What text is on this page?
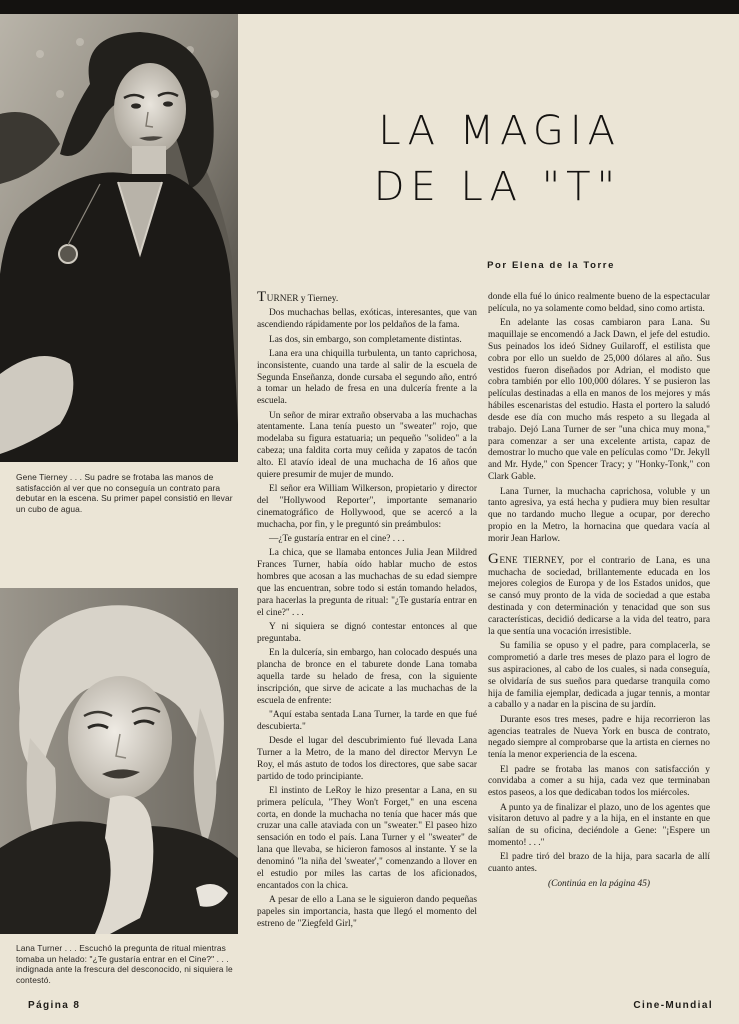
Gene Tierney . . . Su padre se frotaba las manos de satisfacción al ver que no conseguía un contrato para debutar en la escena. Su primer papel consistió en llevar un cubo de agua.
Lana Turner . . . Escuchó la pregunta de ritual mientras tomaba un helado: "¿Te gustaría entrar en el Cine?" . . . indignada ante la frescura del desconocido, ni siquiera le contestó.
LA MAGIA
DE LA "T"
Por Elena de la Torre

TURNER y Tierney.

Dos muchachas bellas, exóticas, interesantes, que van ascendiendo rápidamente por los peldaños de la fama.

Las dos, sin embargo, son completamente distintas.

Lana era una chiquilla turbulenta, un tanto caprichosa, inconsistente, cuando una tarde al salir de la escuela de Segunda Enseñanza, donde cursaba el segundo año, entró a tomar un helado de fresa en una dulcería frente a la escuela.

Un señor de mirar extraño observaba a las muchachas atentamente. Lana tenía puesto un "sweater" rojo, que modelaba su figura estatuaria; un pequeño "solideo" a la cabeza; una faldita corta muy ceñida y zapatos de tacón alto. El atavío ideal de una muchacha de 16 años que quiere presumir de mujer de mundo.

El señor era William Wilkerson, propietario y director del "Hollywood Reporter", importante semanario cinematográfico de Hollywood, que se acercó a la muchacha, por fin, y le preguntó sin preámbulos:

—¿Te gustaría entrar en el cine? . . .

La chica, que se llamaba entonces Julia Jean Mildred Frances Turner, había oído hablar mucho de estos hombres que acosan a las muchachas de su edad siempre que las encuentran, sobre todo si están tomando helados, para hacerlas la pregunta de ritual: "¿Te gustaría entrar en el cine?" . . .

Y ni siquiera se dignó contestar entonces al que preguntaba.

En la dulcería, sin embargo, han colocado después una plancha de bronce en el taburete donde Lana tomaba aquella tarde su helado de fresa, con la siguiente inscripción, que sirve de acicate a las muchachas de la escuela de enfrente:

"Aquí estaba sentada Lana Turner, la tarde en que fué descubierta."

Desde el lugar del descubrimiento fué llevada Lana Turner a la Metro, de la mano del director Mervyn Le Roy, el más astuto de todos los directores, que sabe sacar partido de todo principiante.

El instinto de LeRoy le hizo presentar a Lana, en su primera película, "They Won't Forget," en una escena corta, en donde la muchacha no tenía que hacer más que cruzar una calle ataviada con un "sweater." El paseo hizo sensación en todo el país. Lana Turner y el "sweater" de lana que llevaba, se hicieron famosos al instante. Y se la denominó "la niña del 'sweater'," comenzando a llover en el estudio por miles las cartas de los aficionados, encantados con la chica.

A pesar de ello a Lana se le siguieron dando pequeñas papeles sin importancia, hasta que llegó el momento del estreno de "Ziegfeld Girl,"

donde ella fué lo único realmente bueno de la espectacular película, no ya solamente como beldad, sino como artista.

En adelante las cosas cambiaron para Lana. Su maquillaje se encomendó a Jack Dawn, el jefe del estudio. Sus peinados los ideó Sidney Guilaroff, el estilista que cobra por ello un sueldo de 25,000 dólares al año. Sus vestidos fueron diseñados por Adrian, el modisto que cobra también por ello 100,000 dólares. Y se pusieron las películas destinadas a ella en manos de los mejores y más hábiles escenaristas del estudio. Hasta el portero la saludó desde ese día con mucho más respeto a su llegada al trabajo. Dejó Lana Turner de ser "una chica muy mona," para comenzar a ser una excelente artista, capaz de demostrar lo mucho que vale en películas como "Dr. Jekyll and Mr. Hyde," con Spencer Tracy; y "Honky-Tonk," con Clark Gable.

Lana Turner, la muchacha caprichosa, voluble y un tanto agresiva, ya está hecha y pudiera muy bien resultar que no tardando mucho llegue a ocupar, por derecho propio en la Metro, la hornacina que quedara vacía al morir Jean Harlow.

GENE TIERNEY, por el contrario de Lana, es una muchacha de sociedad, brillantemente educada en los mejores colegios de Europa y de los Estados unidos, que se cansó muy pronto de la vida de sociedad a que estaba destinada y con determinación y tenacidad que son sus características, decidió dedicarse a la vida del teatro, para la que sentía una vocación irresistible.

Su familia se opuso y el padre, para complacerla, se comprometió a darle tres meses de plazo para el logro de sus aspiraciones, al cabo de los cuales, si nada conseguía, se olvidaría de sus sueños para quedarse tranquila como hija de familia ejemplar, dedicada a jugar tennis, a montar a caballo y a nadar en la piscina de su jardín.

Durante esos tres meses, padre e hija recorrieron las agencias teatrales de Nueva York en busca de contrato, negado siempre al comprobarse que la artista en ciernes no tenía la menor experiencia de la escena.

El padre se frotaba las manos con satisfacción y convidaba a comer a su hija, cada vez que terminaban estos paseos, a los que dedicaban todos los miércoles.

A punto ya de finalizar el plazo, uno de los agentes que visitaron detuvo al padre y a la hija, en el instante en que salían de su oficina, deciéndole a Gene: "¡Espere un momento! . . ."

El padre tiró del brazo de la hija, para sacarla de allí cuanto antes.

(Continúa en la página 45)

Página 8	Cine-Mundial
